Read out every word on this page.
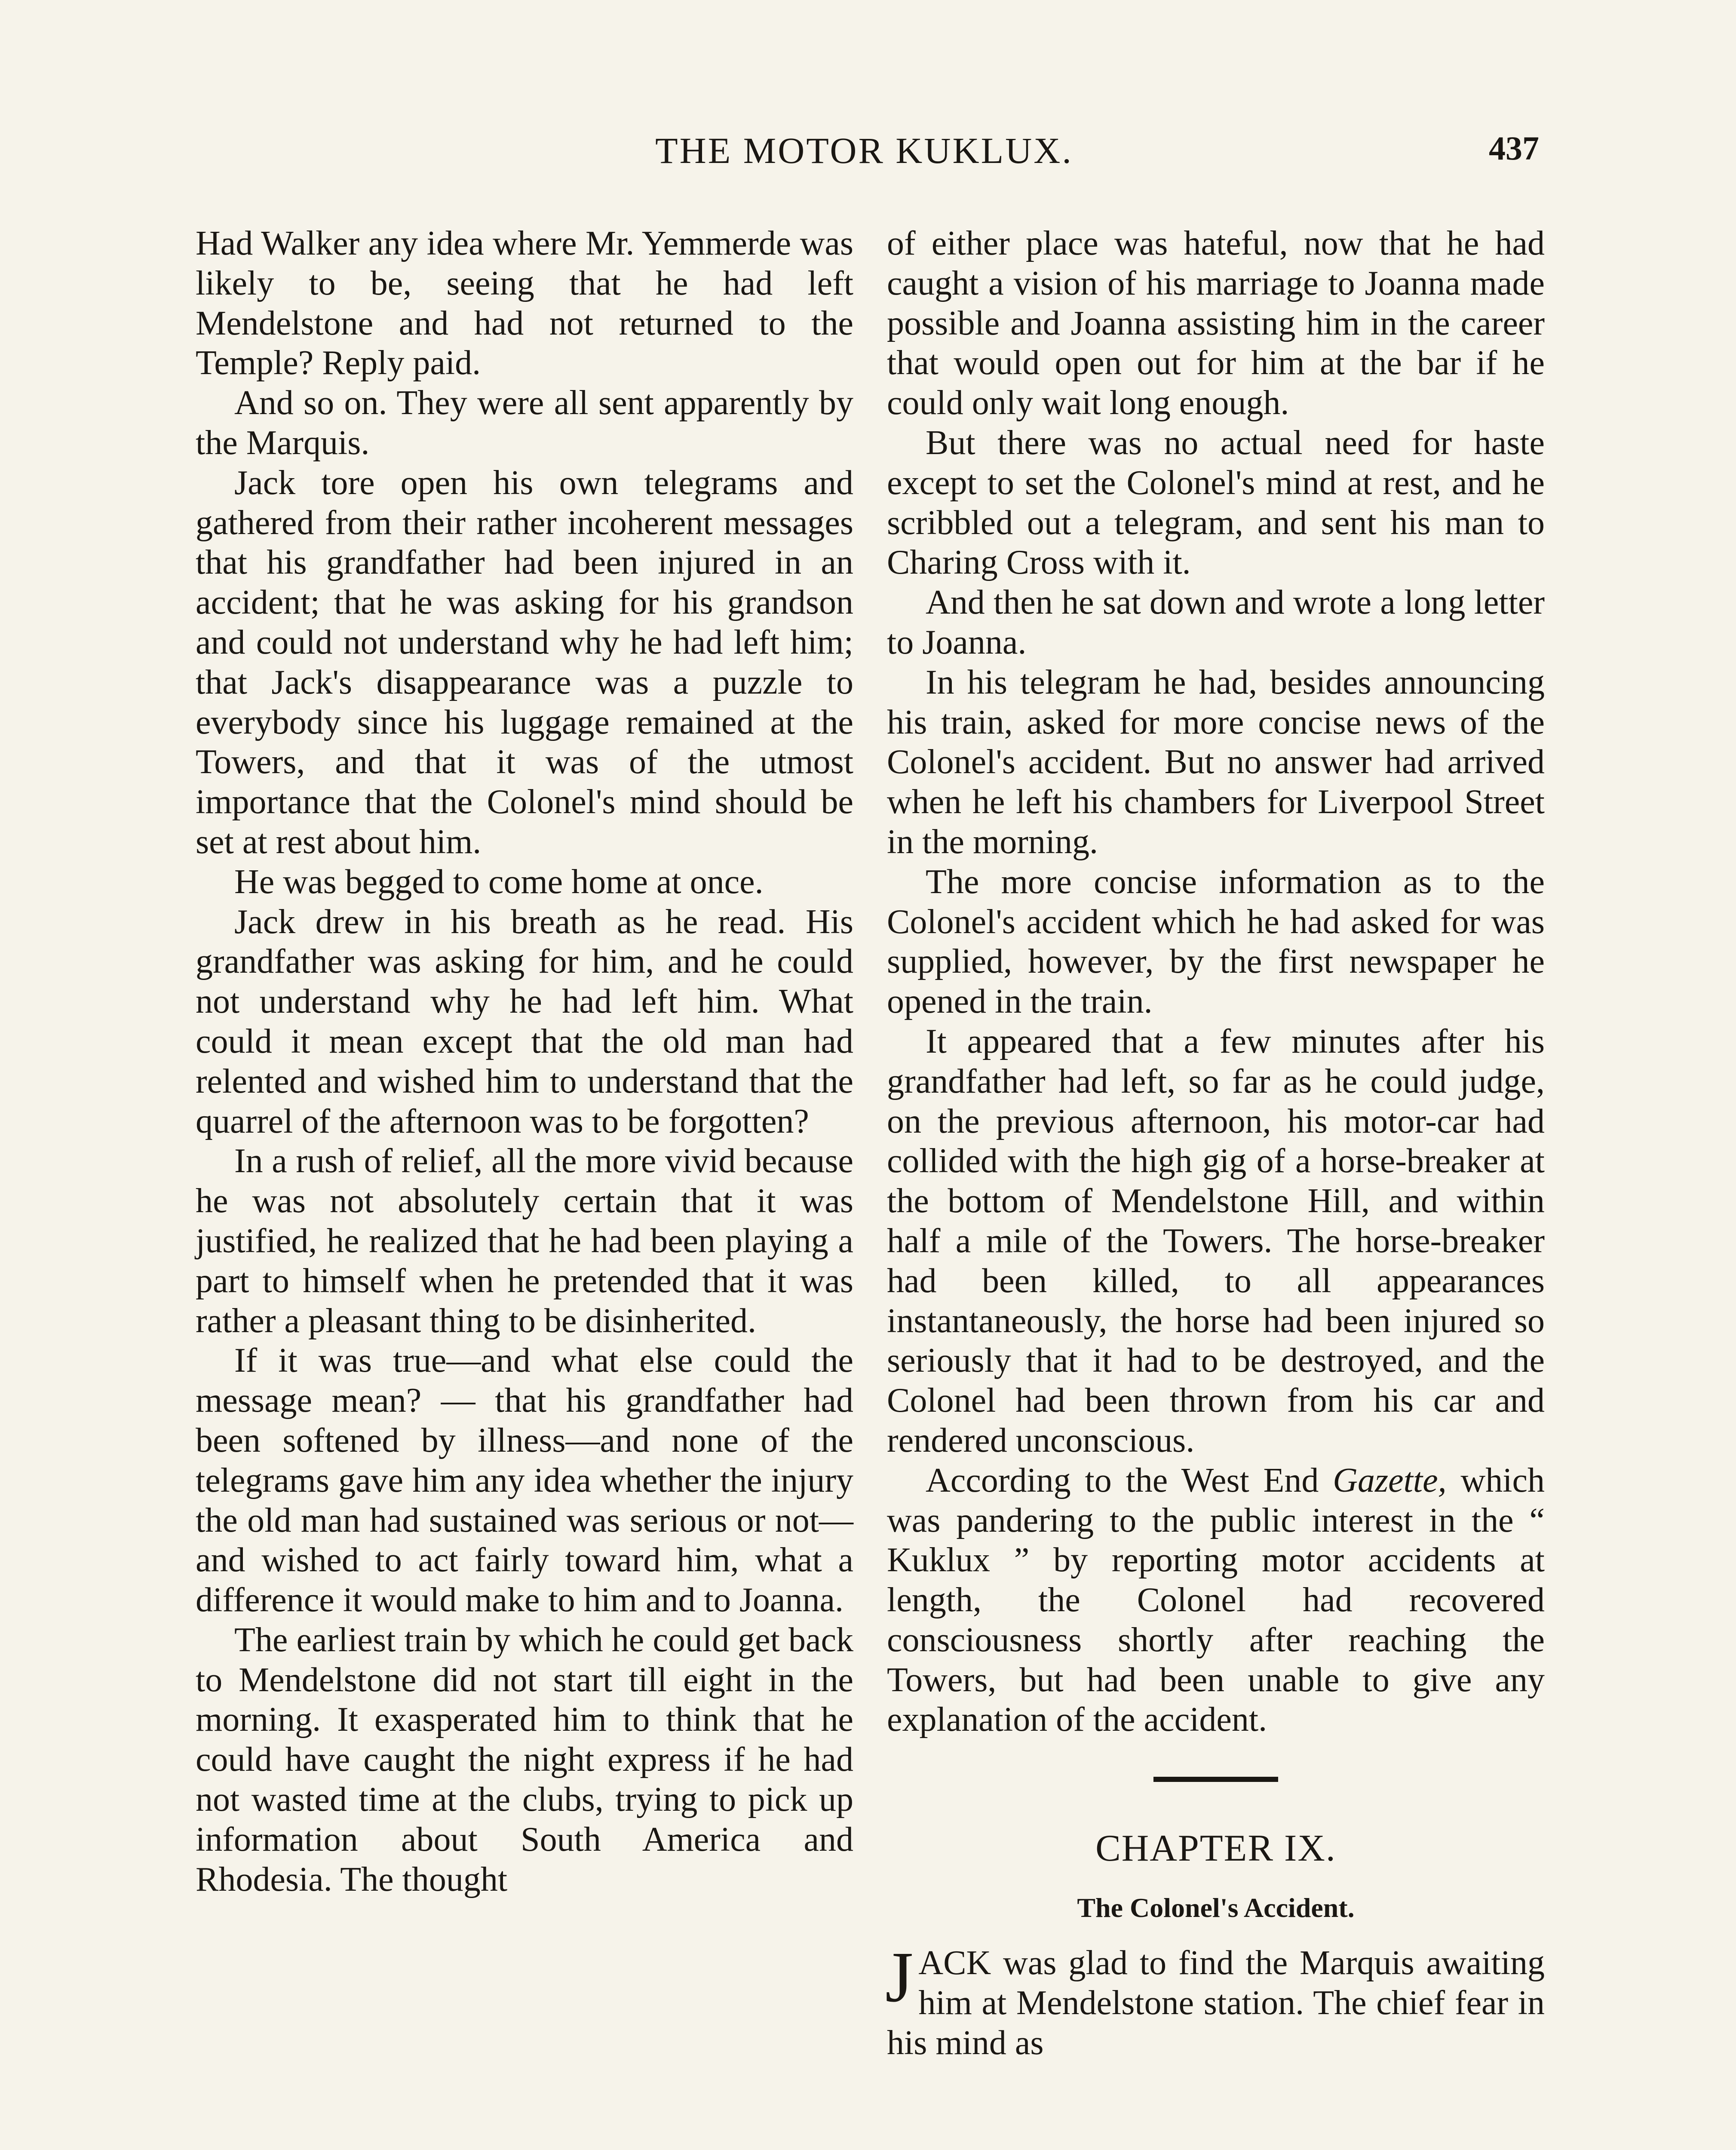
THE MOTOR KUKLUX.	437

Had Walker any idea where Mr. Yemmerde was likely to be, seeing that he had left Mendelstone and had not returned to the Temple? Reply paid.

And so on. They were all sent apparently by the Marquis.

Jack tore open his own telegrams and gathered from their rather incoherent messages that his grandfather had been injured in an accident; that he was asking for his grandson and could not understand why he had left him; that Jack's disappearance was a puzzle to everybody since his luggage remained at the Towers, and that it was of the utmost importance that the Colonel's mind should be set at rest about him.

He was begged to come home at once.

Jack drew in his breath as he read. His grandfather was asking for him, and he could not understand why he had left him. What could it mean except that the old man had relented and wished him to understand that the quarrel of the afternoon was to be forgotten?

In a rush of relief, all the more vivid because he was not absolutely certain that it was justified, he realized that he had been playing a part to himself when he pretended that it was rather a pleasant thing to be disinherited.

If it was true—and what else could the message mean? — that his grandfather had been softened by illness—and none of the telegrams gave him any idea whether the injury the old man had sustained was serious or not—and wished to act fairly toward him, what a difference it would make to him and to Joanna.

The earliest train by which he could get back to Mendelstone did not start till eight in the morning. It exasperated him to think that he could have caught the night express if he had not wasted time at the clubs, trying to pick up information about South America and Rhodesia. The thought

of either place was hateful, now that he had caught a vision of his marriage to Joanna made possible and Joanna assisting him in the career that would open out for him at the bar if he could only wait long enough.

But there was no actual need for haste except to set the Colonel's mind at rest, and he scribbled out a telegram, and sent his man to Charing Cross with it.

And then he sat down and wrote a long letter to Joanna.

In his telegram he had, besides announcing his train, asked for more concise news of the Colonel's accident. But no answer had arrived when he left his chambers for Liverpool Street in the morning.

The more concise information as to the Colonel's accident which he had asked for was supplied, however, by the first newspaper he opened in the train.

It appeared that a few minutes after his grandfather had left, so far as he could judge, on the previous afternoon, his motor-car had collided with the high gig of a horse-breaker at the bottom of Mendelstone Hill, and within half a mile of the Towers. The horse-breaker had been killed, to all appearances instantaneously, the horse had been injured so seriously that it had to be destroyed, and the Colonel had been thrown from his car and rendered unconscious.

According to the West End Gazette, which was pandering to the public interest in the “ Kuklux ” by reporting motor accidents at length, the Colonel had recovered consciousness shortly after reaching the Towers, but had been unable to give any explanation of the accident.

CHAPTER IX.
The Colonel's Accident.

JACK was glad to find the Marquis awaiting him at Mendelstone station. The chief fear in his mind as
